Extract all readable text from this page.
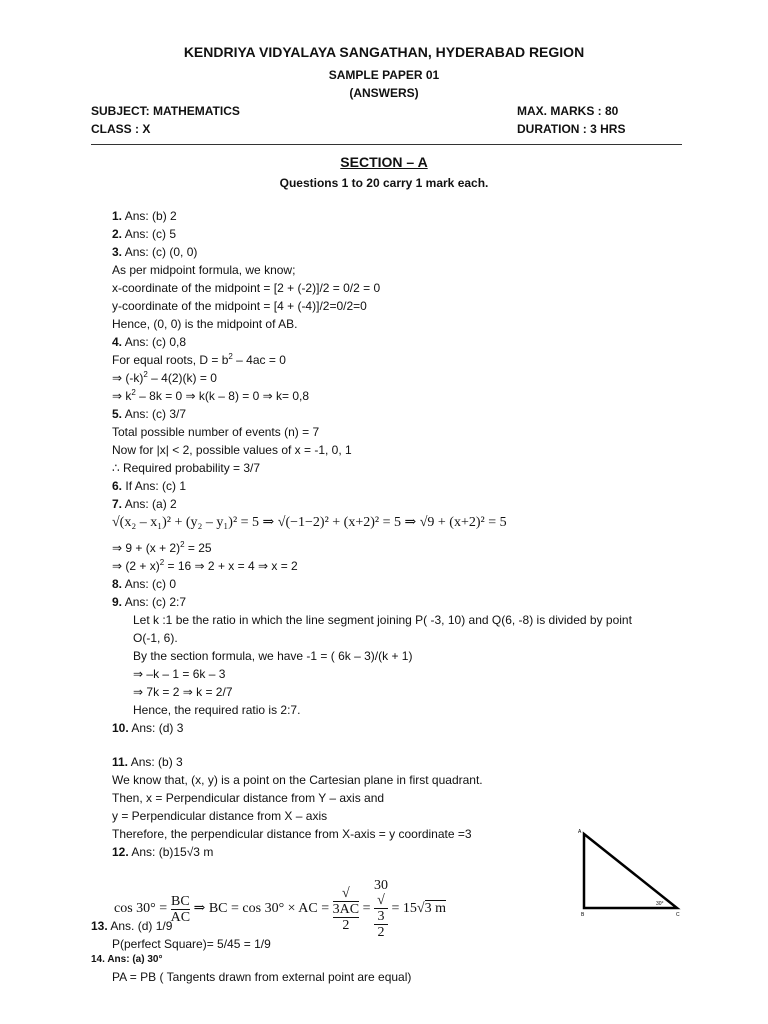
KENDRIYA VIDYALAYA SANGATHAN, HYDERABAD REGION
SAMPLE PAPER 01
(ANSWERS)
SUBJECT: MATHEMATICS	MAX. MARKS : 80
CLASS : X	DURATION : 3 HRS
SECTION – A
Questions 1 to 20 carry 1 mark each.
1. Ans: (b) 2
2. Ans: (c) 5
3. Ans: (c) (0, 0)
As per midpoint formula, we know;
x-coordinate of the midpoint = [2 + (-2)]/2 = 0/2 = 0
y-coordinate of the midpoint = [4 + (-4)]/2=0/2=0
Hence, (0, 0) is the midpoint of AB.
4. Ans: (c) 0,8
For equal roots, $D = b^2 - 4ac = 0$
⇒ $(-k)^2 - 4(2)(k) = 0$
⇒ $k^2 - 8k = 0$ ⇒ k(k – 8) = 0 ⇒ k= 0,8
5. Ans: (c) 3/7
Total possible number of events (n) = 7
Now for |x| < 2, possible values of x = -1, 0, 1
∴ Required probability = 3/7
6. If Ans: (c) 1
7. Ans: (a) 2
√(x₂ – x₁)² + (y₂ – y₁)² = 5 ⇒ √(−1−2)² + (x+2)² = 5 ⇒ √9 + (x+2)² = 5
⇒ $9 + (x + 2)^2 = 25$
⇒ $(2 + x)^2 = 16$ ⇒ 2 + x = 4 ⇒ x = 2
8. Ans: (c) 0
9. Ans: (c) 2:7
Let k :1 be the ratio in which the line segment joining P( -3, 10) and Q(6, -8) is divided by point
O(-1, 6).
By the section formula, we have -1 = ( 6k – 3)/(k + 1)
⇒ –k – 1 = 6k – 3
⇒ 7k = 2 ⇒ k = 2/7
Hence, the required ratio is 2:7.
10. Ans: (d) 3
11. Ans: (b) 3
We know that, (x, y) is a point on the Cartesian plane in first quadrant.
Then, x = Perpendicular distance from Y – axis and
y = Perpendicular distance from X – axis
Therefore, the perpendicular distance from X-axis = y coordinate =3
12. Ans: (b)15√3 m
$\cos 30^\circ = \frac{BC}{AC}$ ⇒ BC = cos 30° × AC = √
3AC
2 = 30
√
3
2 = 15√3 m
A
B	C
30°
13. Ans. (d) 1/9
P(perfect Square)= 5/45 = 1/9
14. Ans: (a) 30°
PA = PB ( Tangents drawn from external point are equal)
